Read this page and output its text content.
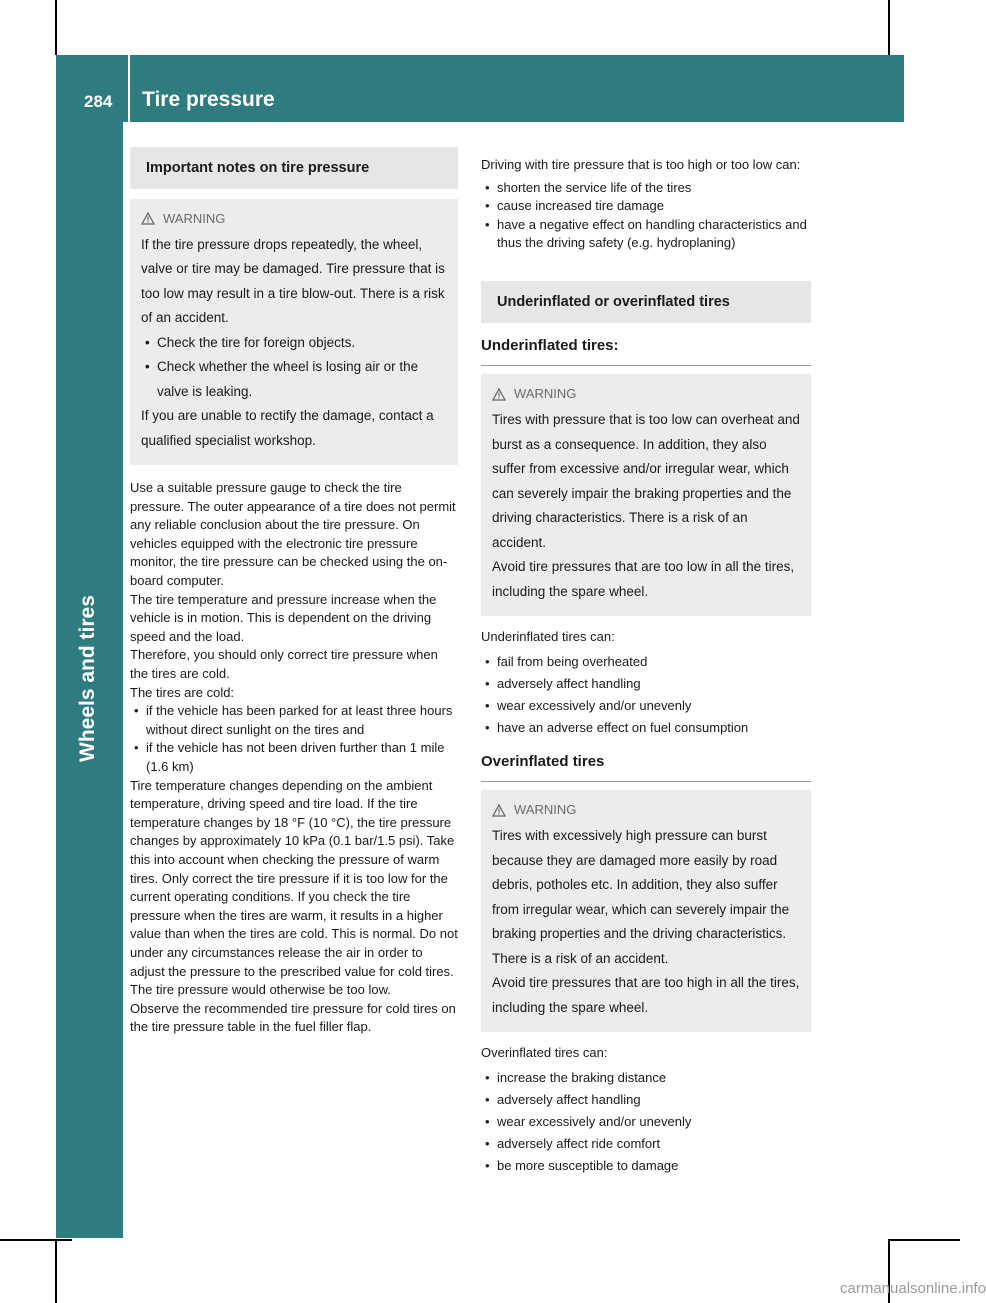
284 Tire pressure
Important notes on tire pressure
WARNING

If the tire pressure drops repeatedly, the wheel, valve or tire may be damaged. Tire pressure that is too low may result in a tire blow-out. There is a risk of an accident.

• Check the tire for foreign objects.
• Check whether the wheel is losing air or the valve is leaking.

If you are unable to rectify the damage, contact a qualified specialist workshop.

Use a suitable pressure gauge to check the tire pressure. The outer appearance of a tire does not permit any reliable conclusion about the tire pressure. On vehicles equipped with the electronic tire pressure monitor, the tire pressure can be checked using the on-board computer.

The tire temperature and pressure increase when the vehicle is in motion. This is dependent on the driving speed and the load.

Therefore, you should only correct tire pressure when the tires are cold.

The tires are cold:

• if the vehicle has been parked for at least three hours without direct sunlight on the tires and
• if the vehicle has not been driven further than 1 mile (1.6 km)

Tire temperature changes depending on the ambient temperature, driving speed and tire load. If the tire temperature changes by 18 °F (10 °C), the tire pressure changes by approximately 10 kPa (0.1 bar/1.5 psi). Take this into account when checking the pressure of warm tires. Only correct the tire pressure if it is too low for the current operating conditions. If you check the tire pressure when the tires are warm, it results in a higher value than when the tires are cold. This is normal. Do not under any circumstances release the air in order to adjust the pressure to the prescribed value for cold tires. The tire pressure would otherwise be too low.

Observe the recommended tire pressure for cold tires on the tire pressure table in the fuel filler flap.

Driving with tire pressure that is too high or too low can:

• shorten the service life of the tires
• cause increased tire damage
• have a negative effect on handling characteristics and thus the driving safety (e.g. hydroplaning)
Underinflated or overinflated tires
Underinflated tires:
WARNING

Tires with pressure that is too low can overheat and burst as a consequence. In addition, they also suffer from excessive and/or irregular wear, which can severely impair the braking properties and the driving characteristics. There is a risk of an accident.

Avoid tire pressures that are too low in all the tires, including the spare wheel.

Underinflated tires can:

• fail from being overheated
• adversely affect handling
• wear excessively and/or unevenly
• have an adverse effect on fuel consumption
Overinflated tires
WARNING

Tires with excessively high pressure can burst because they are damaged more easily by road debris, potholes etc. In addition, they also suffer from irregular wear, which can severely impair the braking properties and the driving characteristics. There is a risk of an accident.

Avoid tire pressures that are too high in all the tires, including the spare wheel.

Overinflated tires can:

• increase the braking distance
• adversely affect handling
• wear excessively and/or unevenly
• adversely affect ride comfort
• be more susceptible to damage
carmanualsonline.info
